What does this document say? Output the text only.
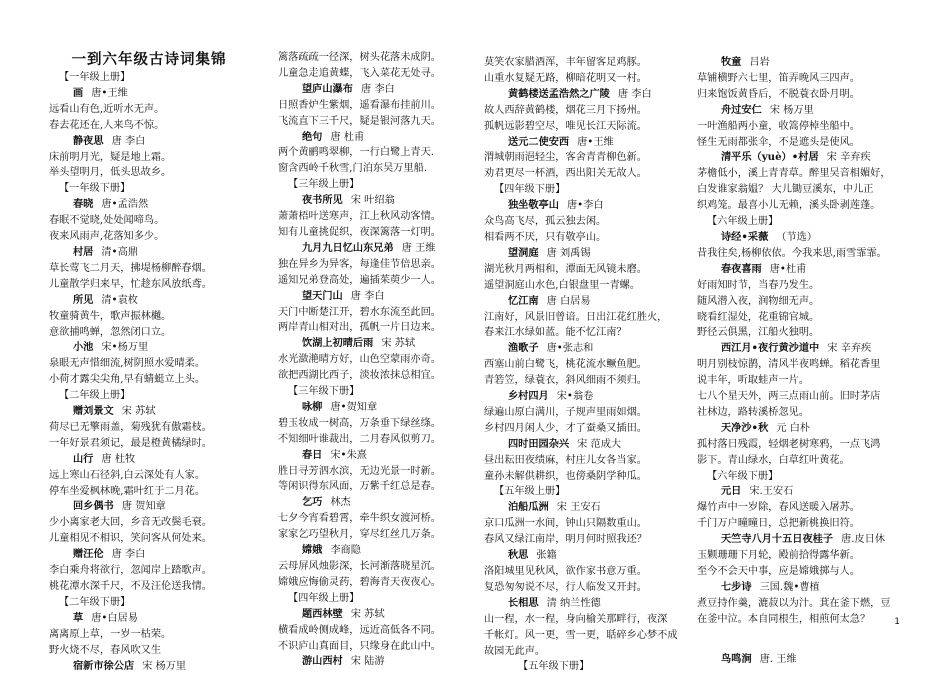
一到六年级古诗词集锦
【一年级上册】
画 唐•王维
远看山有色,近听水无声。
春去花还在,人来鸟不惊。
静夜思 唐 李白
床前明月光，疑是地上霜。
举头望明月，低头思故乡。
【一年级下册】
春晓 唐•孟浩然
春眠不觉晓,处处闻啼鸟。
夜来风雨声,花落知多少。
村居 清•高鼎
草长莺飞二月天，拂堤杨柳醉春烟。
儿童散学归来早，忙趁东风放纸鸢。
所见 清•袁枚
牧童骑黄牛，歌声振林樾。
意欲捕鸣蝉，忽然闭口立。
小池 宋•杨万里
泉眼无声惜细流,树阴照水爱晴柔。
小荷才露尖尖角,早有蜻蜓立上头。
【二年级上册】
赠刘景文 宋 苏轼
荷尽已无擎雨盖，菊残犹有傲霜枝。
一年好景君须记，最是橙黄橘绿时。
山行 唐 杜牧
远上寒山石径斜,白云深处有人家。
停车坐爱枫林晚,霜叶红于二月花。
回乡偶书 唐 贺知章
少小离家老大回，乡音无改鬓毛衰。
儿童相见不相识，笑问客从何处来。
赠汪伦 唐 李白
李白乘舟将欲行，忽闻岸上踏歌声。
桃花潭水深千尺，不及汪伦送我情。
【二年级下册】
草 唐•白居易
离离原上草，一岁一枯荣。
野火烧不尽，春风吹又生
宿新市徐公店 宋 杨万里
篱落疏疏一径深，树头花落未成阴。
儿童急走追黄蝶，飞入菜花无处寻。
望庐山瀑布 唐 李白
日照香炉生紫烟，遥看瀑布挂前川。
飞流直下三千尺，疑是银河落九天。
绝句 唐 杜甫
两个黄鹂鸣翠柳，一行白鹭上青天.
窗含西岭千秋雪,门泊东吴万里船.
【三年级上册】
夜书所见 宋 叶绍翁
萧萧梧叶送寒声，江上秋风动客情。
知有儿童挑促织，夜深篱落一灯明。
九月九日忆山东兄弟 唐 王维
独在异乡为异客，每逢佳节倍思亲。
遥知兄弟登高处，遍插茱萸少一人。
望天门山 唐 李白
天门中断楚江开，碧水东流至此回。
两岸青山相对出，孤帆一片日边来。
饮湖上初晴后雨 宋 苏轼
水光潋滟晴方好，山色空蒙雨亦奇。
欲把西湖比西子，淡妆浓抹总相宜。
【三年级下册】
咏柳 唐•贺知章
碧玉妆成一树高，万条垂下绿丝绦。
不知细叶谁裁出，二月春风似剪刀。
春日 宋•朱熹
胜日寻芳泗水滨，无边光景一时新。
等闲识得东风面，万紫千红总是春。
乞巧 林杰
七夕今宵看碧霄，牵牛织女渡河桥。
家家乞巧望秋月，穿尽红丝几万条。
嫦娥 李商隐
云母屏风烛影深，长河渐落晓星沉。
嫦娥应悔偷灵药，碧海青天夜夜心。
【四年级上册】
题西林壁 宋 苏轼
横看成岭侧成峰，远近高低各不同。
不识庐山真面目，只缘身在此山中。
游山西村 宋 陆游
莫笑农家腊酒浑，丰年留客足鸡豚。
山重水复疑无路，柳暗花明又一村。
黄鹤楼送孟浩然之广陵 唐 李白
故人西辞黄鹤楼，烟花三月下扬州。
孤帆远影碧空尽，唯见长江天际流。
送元二使安西 唐•王维
渭城朝雨浥轻尘，客舍青青柳色新。
劝君更尽一杯酒，西出阳关无故人。
【四年级下册】
独坐敬亭山 唐•李白
众鸟高飞尽，孤云独去闲。
相看两不厌，只有敬亭山。
望洞庭 唐 刘禹锡
湖光秋月两相和，潭面无风镜未磨。
遥望洞庭山水色,白银盘里一青螺。
忆江南 唐 白居易
江南好，风景旧曾谙。日出江花红胜火，
春来江水绿如蓝。能不忆江南？
渔歌子 唐•张志和
西塞山前白鹭飞，桃花流水鳜鱼肥。
青箬笠，绿蓑衣，斜风细雨不须归。
乡村四月 宋•翁卷
绿遍山原白满川，子规声里雨如烟。
乡村四月闲人少，才了蚕桑又插田。
四时田园杂兴 宋 范成大
昼出耘田夜绩麻，村庄儿女各当家。
童孙未解供耕织，也傍桑阴学种瓜。
【五年级上册】
泊船瓜洲 宋 王安石
京口瓜洲一水间，钟山只隔数重山。
春风又绿江南岸，明月何时照我还？
秋思 张籍
洛阳城里见秋风，欲作家书意万重。
复恐匆匆说不尽，行人临发又开封。
长相思 清 纳兰性德
山一程，水一程，身向榆关那畔行，夜深
千帐灯。风一更，雪一更，聒碎乡心梦不成
故园无此声。
【五年级下册】
牧童 吕岩
草铺横野六七里，笛弄晚风三四声。
归来饱饭黄昏后，不脱蓑衣卧月明。
舟过安仁 宋 杨万里
一叶渔船两小童，收篙停棹坐船中。
怪生无雨都张伞，不是遮头是使风。
清平乐（yuè）•村居 宋 辛弃疾
茅檐低小，溪上青青草。醉里吴音相媚好，
白发谁家翁媪？ 大儿锄豆溪东，中儿正
织鸡笼。最喜小儿无赖，溪头卧剥莲蓬。
【六年级上册】
诗经•采薇 （节选）
昔我往矣,杨柳依依。今我来思,雨雪霏霏。
春夜喜雨 唐•杜甫
好雨知时节，当春乃发生。
随风潜入夜，润物细无声。
晓看红湿处，花重锦官城。
野径云俱黑，江船火独明。
西江月•夜行黄沙道中 宋 辛弃疾
明月别枝惊鹊，清风半夜鸣蝉。稻花香里
说丰年，听取蛙声一片。
七八个星天外，两三点雨山前。旧时茅店
社林边，路转溪桥忽见。
天净沙•秋 元 白朴
孤村落日残霞，轻烟老树寒鸦，一点飞鸿
影下。青山绿水，白草红叶黄花。
【六年级下册】
元日 宋.王安石
爆竹声中一岁除，春风送暖入屠苏。
千门万户曈曈日，总把新桃换旧符。
天竺寺八月十五日夜桂子 唐.皮日休
玉颗珊珊下月轮，殿前拾得露华新。
至今不会天中事，应是嫦娥掷与人。
七步诗 三国.魏•曹植
煮豆持作羹，漉菽以为汁。萁在釜下燃，豆
在釜中泣。本自同根生，相煎何太急？

鸟鸣涧 唐. 王维
1
